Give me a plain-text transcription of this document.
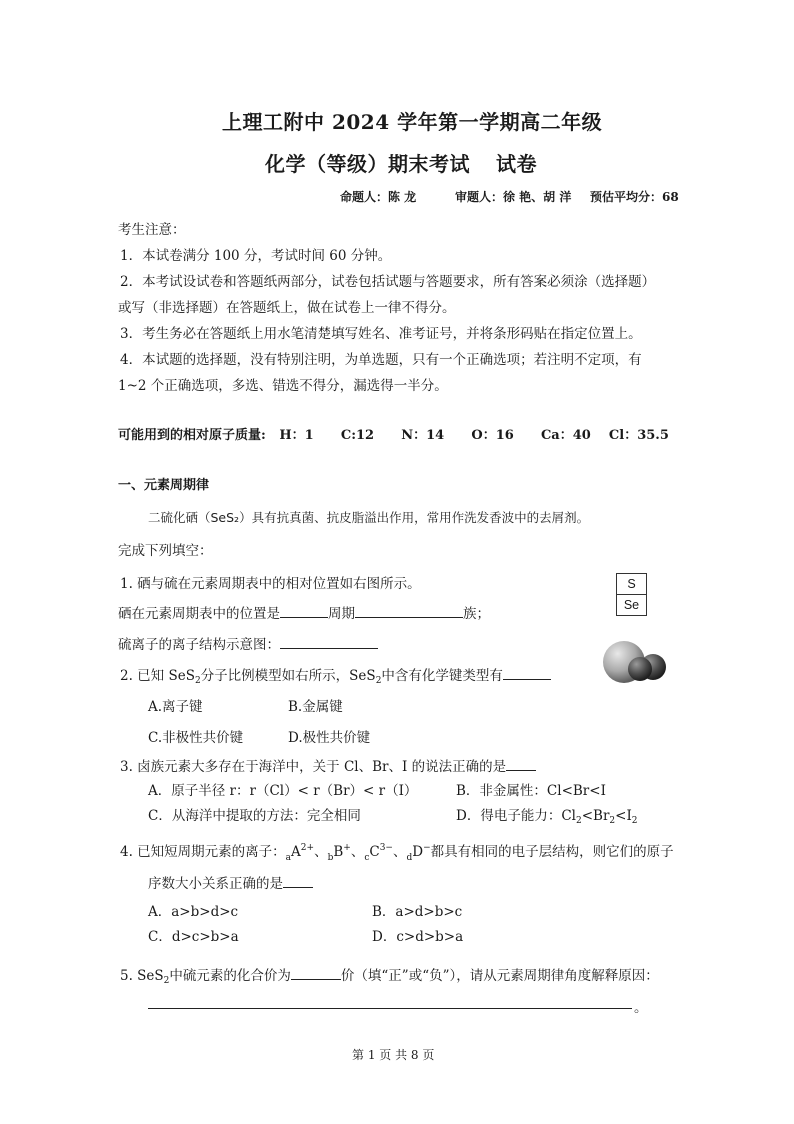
上理工附中 2024 学年第一学期高二年级
化学（等级）期末考试 试卷
命题人：陈 龙	审题人：徐 艳、胡 洋 预估平均分：68
考生注意：
1．本试卷满分 100 分，考试时间 60 分钟。
2．本考试设试卷和答题纸两部分，试卷包括试题与答题要求，所有答案必须涂（选择题）
或写（非选择题）在答题纸上，做在试卷上一律不得分。
3．考生务必在答题纸上用水笔清楚填写姓名、准考证号，并将条形码贴在指定位置上。
4．本试题的选择题，没有特别注明，为单选题，只有一个正确选项；若注明不定项，有
1~2 个正确选项，多选、错选不得分，漏选得一半分。
可能用到的相对原子质量:   H：1      C:12      N：14      O：16      Ca：40    Cl：35.5
一、元素周期律
二硫化硒（SeS₂）具有抗真菌、抗皮脂溢出作用，常用作洗发香波中的去屑剂。
完成下列填空：
1. 硒与硫在元素周期表中的相对位置如右图所示。
硒在元素周期表中的位置是	周期	族；
硫离子的离子结构示意图：
S
Se
2. 已知 SeS$_2$分子比例模型如右所示，SeS$_2$中含有化学键类型有
A.离子键	B.金属键
C.非极性共价键	D.极性共价键
3. 卤族元素大多存在于海洋中，关于 Cl、Br、I 的说法正确的是
A．原子半径 r：r（Cl）< r（Br）< r（I）	B．非金属性：Cl<Br<I
C．从海洋中提取的方法：完全相同	D．得电子能力：$Cl_2<Br_2<I_2$
4. 已知短周期元素的离子：$_aA^{2+}$、$_b$B+、$_cC^{3-}$、$_d$D−都具有相同的电子层结构，则它们的原子
序数大小关系正确的是
A．a>b>d>c	B．a>d>b>c
C．d>c>b>a	D．c>d>b>a
5. SeS$_2$中硫元素的化合价为	价（填“正”或“负”），请从元素周期律角度解释原因：
。
第 1 页 共 8 页
